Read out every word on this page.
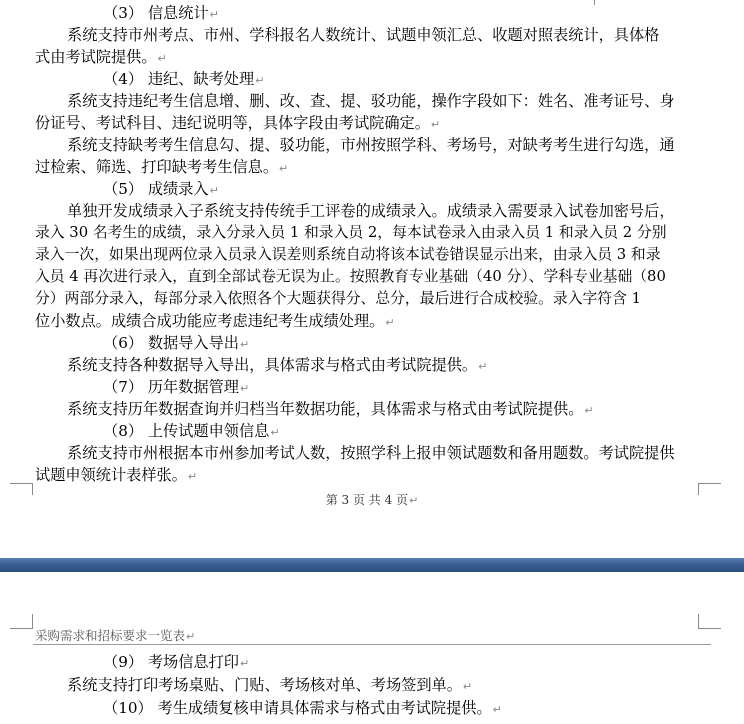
（3） 信息统计↵
系统支持市州考点、市州、学科报名人数统计、试题申领汇总、收题对照表统计，具体格
式由考试院提供。↵
（4） 违纪、缺考处理↵
系统支持违纪考生信息增、删、改、查、提、驳功能，操作字段如下：姓名、准考证号、身
份证号、考试科目、违纪说明等，具体字段由考试院确定。↵
系统支持缺考考生信息勾、提、驳功能，市州按照学科、考场号，对缺考考生进行勾选，通
过检索、筛选、打印缺考考生信息。↵
（5） 成绩录入↵
单独开发成绩录入子系统支持传统手工评卷的成绩录入。成绩录入需要录入试卷加密号后，
录入 30 名考生的成绩，录入分录入员 1 和录入员 2，每本试卷录入由录入员 1 和录入员 2 分别
录入一次，如果出现两位录入员录入误差则系统自动将该本试卷错误显示出来，由录入员 3 和录
入员 4 再次进行录入，直到全部试卷无误为止。按照教育专业基础（40 分）、学科专业基础（80
分）两部分录入，每部分录入依照各个大题获得分、总分，最后进行合成校验。录入字符含 1
位小数点。成绩合成功能应考虑违纪考生成绩处理。↵
（6） 数据导入导出↵
系统支持各种数据导入导出，具体需求与格式由考试院提供。↵
（7） 历年数据管理↵
系统支持历年数据查询并归档当年数据功能，具体需求与格式由考试院提供。↵
（8） 上传试题申领信息↵
系统支持市州根据本市州参加考试人数，按照学科上报申领试题数和备用题数。考试院提供
试题申领统计表样张。↵
第 3 页 共 4 页↵
采购需求和招标要求一览表↵
（9） 考场信息打印↵
系统支持打印考场桌贴、门贴、考场核对单、考场签到单。↵
（10） 考生成绩复核申请具体需求与格式由考试院提供。↵
